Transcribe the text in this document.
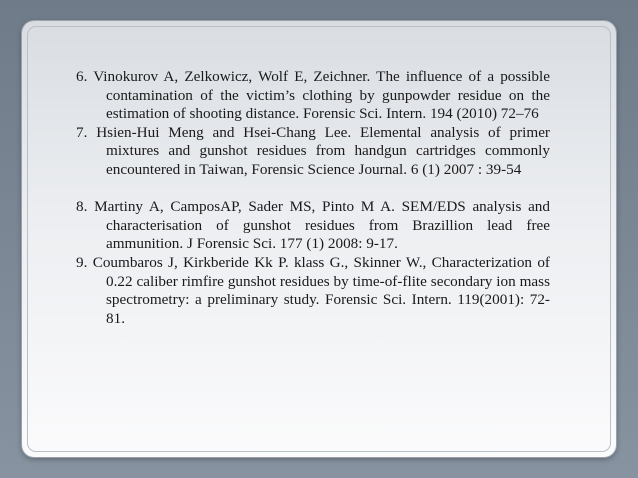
6. Vinokurov A, Zelkowicz, Wolf E, Zeichner. The influence of a possible contamination of the victim’s clothing by gunpowder residue on the estimation of shooting distance. Forensic Sci. Intern. 194 (2010) 72–76

7. Hsien-Hui Meng and Hsei-Chang Lee. Elemental analysis of primer mixtures and gunshot residues from handgun cartridges commonly encountered in Taiwan, Forensic Science Journal. 6 (1) 2007 : 39-54

8. Martiny A, CamposAP, Sader MS, Pinto M A. SEM/EDS analysis and characterisation of gunshot residues from Brazillion lead free ammunition. J Forensic Sci. 177 (1) 2008: 9-17.

9. Coumbaros J, Kirkberide Kk P. klass G., Skinner W., Characterization of 0.22 caliber rimfire gunshot residues by time-of-flite secondary ion mass spectrometry: a preliminary study. Forensic Sci. Intern. 119(2001): 72-81.
